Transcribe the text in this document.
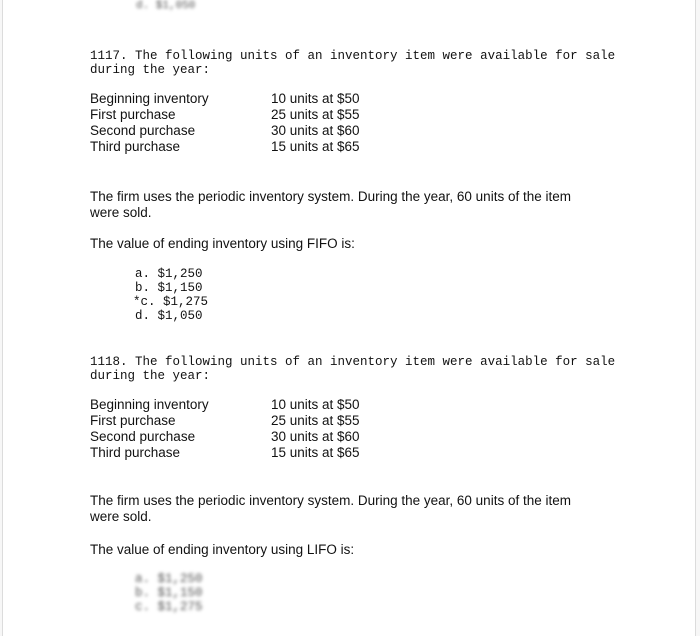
d. $1,050
1117. The following units of an inventory item were available for sale
during the year:
Beginning inventory	10 units at $50
First purchase	25 units at $55
Second purchase	30 units at $60
Third purchase	15 units at $65
The firm uses the periodic inventory system. During the year, 60 units of the item
were sold.
The value of ending inventory using FIFO is:
a. $1,250
b. $1,150
*c. $1,275
d. $1,050
1118. The following units of an inventory item were available for sale
during the year:
Beginning inventory	10 units at $50
First purchase	25 units at $55
Second purchase	30 units at $60
Third purchase	15 units at $65
The firm uses the periodic inventory system. During the year, 60 units of the item
were sold.
The value of ending inventory using LIFO is:
a. $1,250
b. $1,150
c. $1,275
